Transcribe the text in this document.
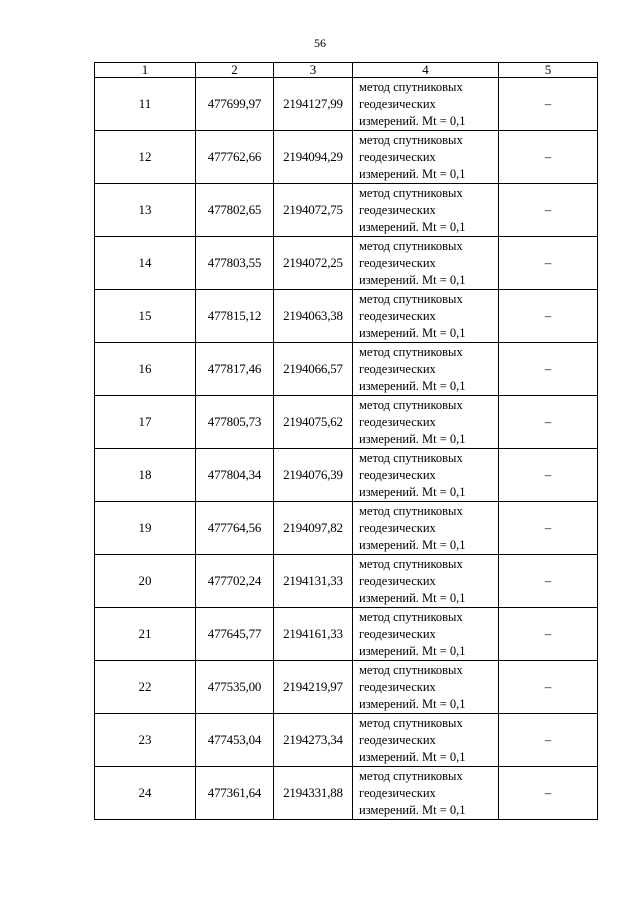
56
1	2	3	4	5
11	477699,97	2194127,99	метод спутниковых
геодезических
измерений. Mt = 0,1	–
12	477762,66	2194094,29	метод спутниковых
геодезических
измерений. Mt = 0,1	–
13	477802,65	2194072,75	метод спутниковых
геодезических
измерений. Mt = 0,1	–
14	477803,55	2194072,25	метод спутниковых
геодезических
измерений. Mt = 0,1	–
15	477815,12	2194063,38	метод спутниковых
геодезических
измерений. Mt = 0,1	–
16	477817,46	2194066,57	метод спутниковых
геодезических
измерений. Mt = 0,1	–
17	477805,73	2194075,62	метод спутниковых
геодезических
измерений. Mt = 0,1	–
18	477804,34	2194076,39	метод спутниковых
геодезических
измерений. Mt = 0,1	–
19	477764,56	2194097,82	метод спутниковых
геодезических
измерений. Mt = 0,1	–
20	477702,24	2194131,33	метод спутниковых
геодезических
измерений. Mt = 0,1	–
21	477645,77	2194161,33	метод спутниковых
геодезических
измерений. Mt = 0,1	–
22	477535,00	2194219,97	метод спутниковых
геодезических
измерений. Mt = 0,1	–
23	477453,04	2194273,34	метод спутниковых
геодезических
измерений. Mt = 0,1	–
24	477361,64	2194331,88	метод спутниковых
геодезических
измерений. Mt = 0,1	–
